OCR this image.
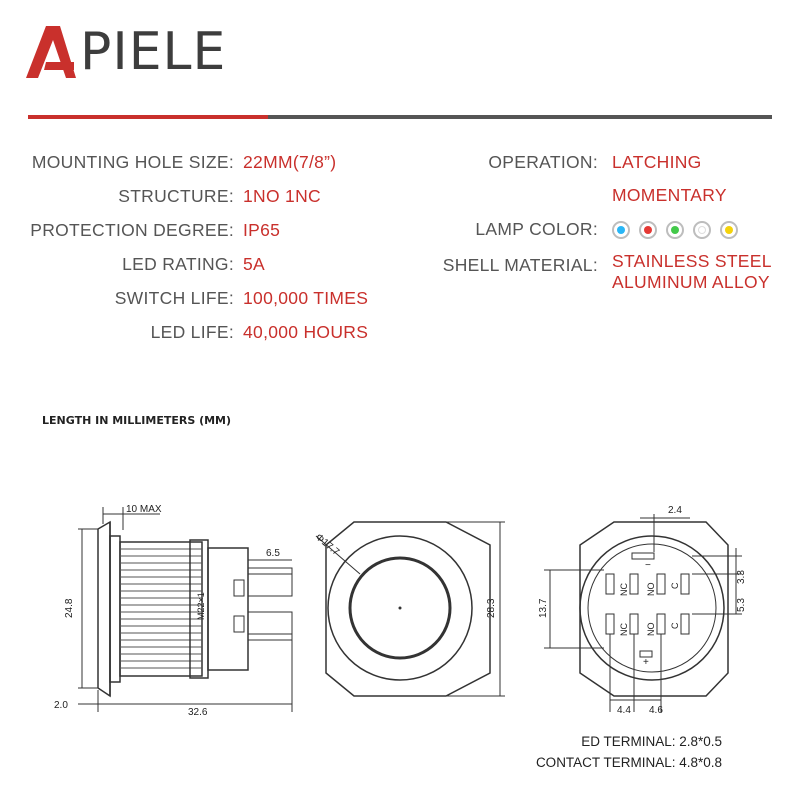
PIELE
MOUNTING HOLE SIZE: 22MM(7/8”)
STRUCTURE: 1NO 1NC
PROTECTION DEGREE: IP65
LED RATING: 5A
SWITCH LIFE: 100,000 TIMES
LED LIFE: 40,000 HOURS
OPERATION: LATCHING
MOMENTARY
LAMP COLOR:
SHELL MATERIAL: STAINLESS STEEL
ALUMINUM ALLOY
LENGTH IN MILLIMETERS (MM)
10 MAX
M22×1
6.5
24.8
2.0
32.6
Φ17.7
28.3
NC NO C
NC NO C
−
+
2.4
13.7
3.3
5.3
4.4 4.6
ED TERMINAL: 2.8*0.5
CONTACT TERMINAL: 4.8*0.8
